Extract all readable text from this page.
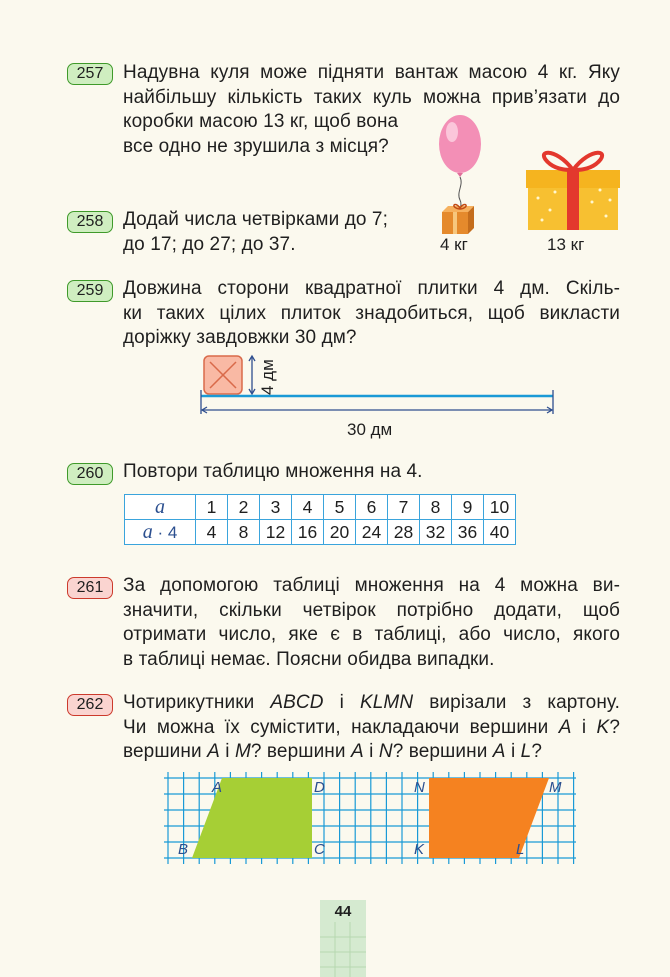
257	Надувна куля може підняти вантаж масою 4 кг. Яку
найбільшу кількість таких куль можна прив’язати до
коробки масою 13 кг, щоб вона
все одно не зрушила з місця?
4 кг	13 кг
258	Додай числа четвірками до 7;
до 17; до 27; до 37.
259	Довжина сторони квадратної плитки 4 дм. Скіль-
ки таких цілих плиток знадобиться, щоб викласти
доріжку завдовжки 30 дм?
4 дм
30 дм
260	Повтори таблицю множення на 4.
a	1	2	3	4	5	6	7	8	9	10
a · 4	4	8	12	16	20	24	28	32	36	40
261	За допомогою таблиці множення на 4 можна ви-
значити, скільки четвірок потрібно додати, щоб
отримати число, яке є в таблиці, або число, якого
в таблиці немає. Поясни обидва випадки.
262	Чотирикутники ABCD і KLMN вирізали з картону.
Чи можна їх сумістити, накладаючи вершини A і K?
вершини A і M? вершини A і N? вершини A і L?
A
B	C
D
K	L
M
N
44
